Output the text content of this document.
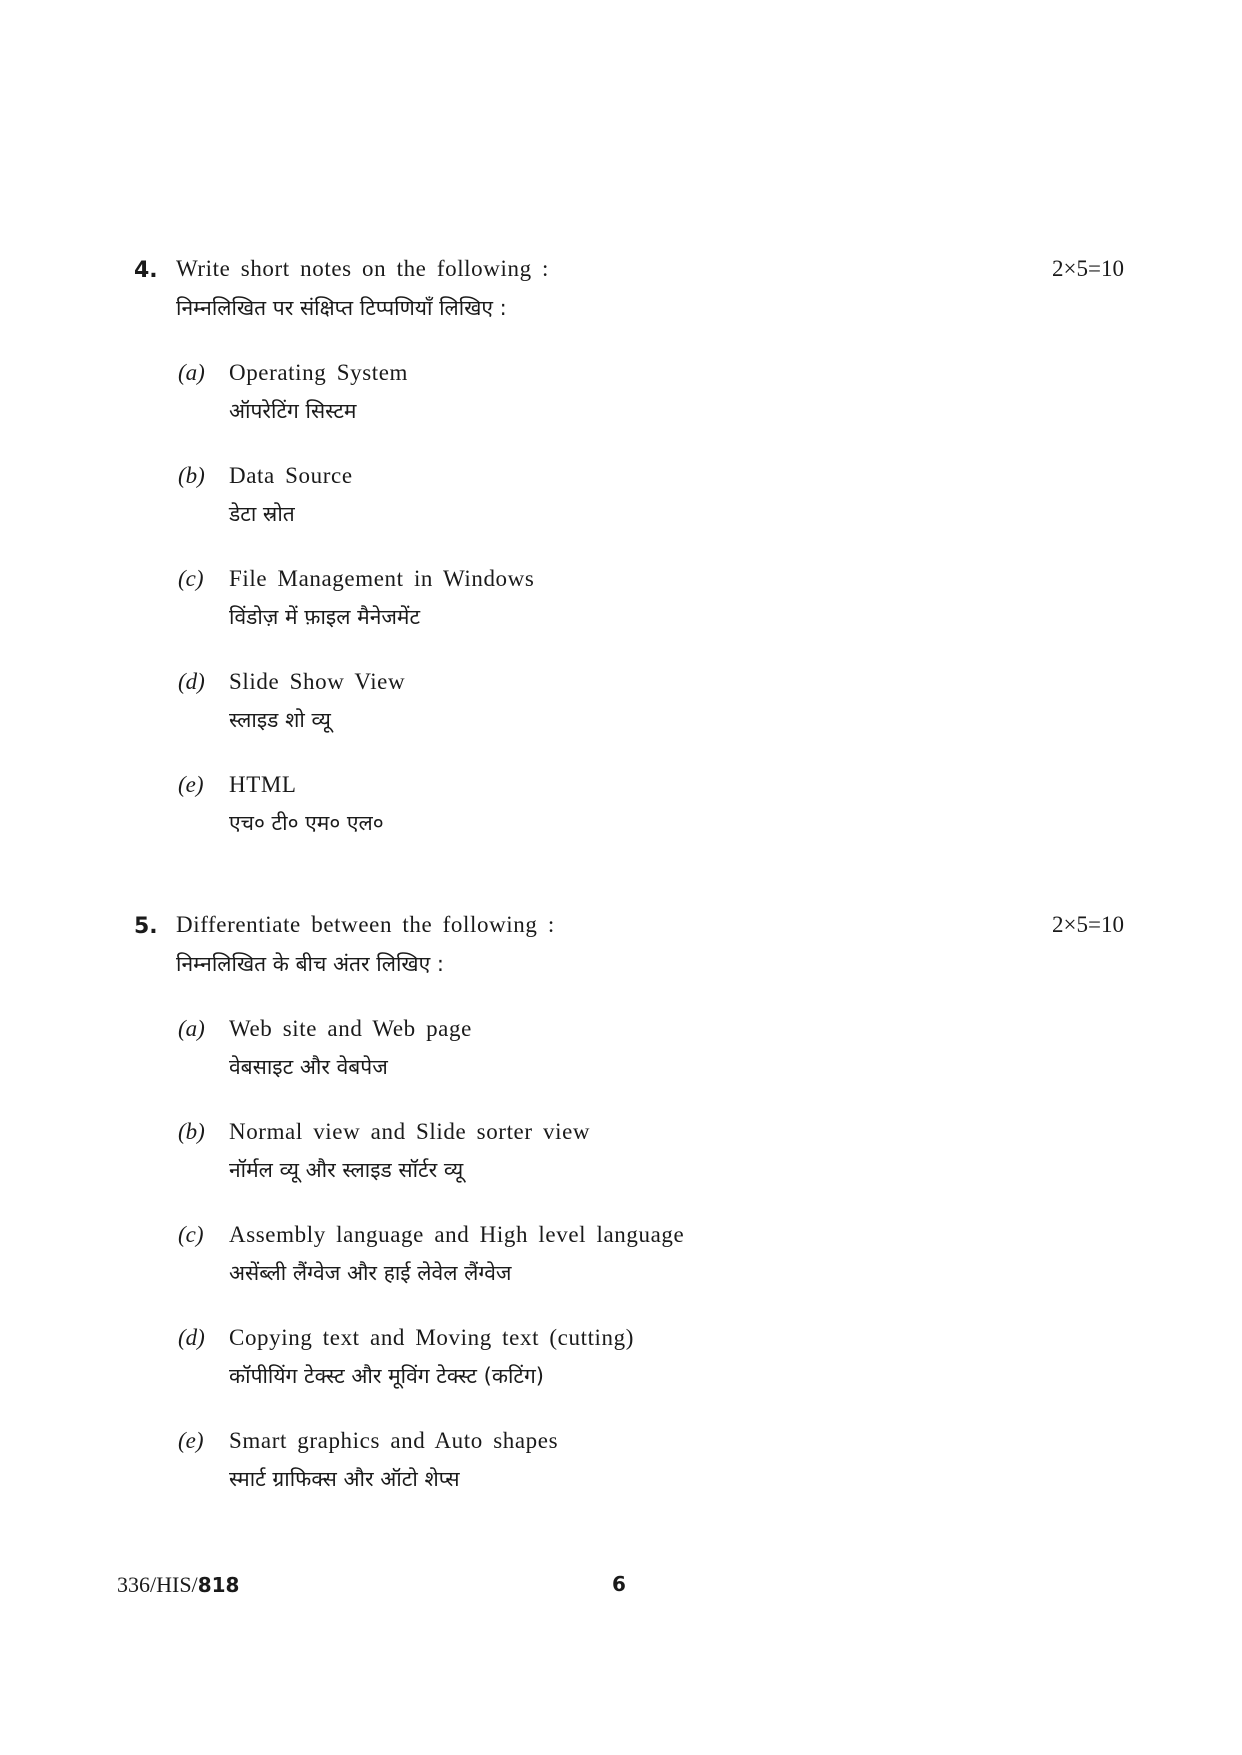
4. Write short notes on the following :	2×5=10
निम्नलिखित पर संक्षिप्त टिप्पणियाँ लिखिए :
(a) Operating System
ऑपरेटिंग सिस्टम
(b) Data Source
डेटा स्रोत
(c) File Management in Windows
विंडोज़ में फ़ाइल मैनेजमेंट
(d) Slide Show View
स्लाइड शो व्यू
(e) HTML
एच० टी० एम० एल०
5. Differentiate between the following :	2×5=10
निम्नलिखित के बीच अंतर लिखिए :
(a) Web site and Web page
वेबसाइट और वेबपेज
(b) Normal view and Slide sorter view
नॉर्मल व्यू और स्लाइड सॉर्टर व्यू
(c) Assembly language and High level language
असेंब्ली लैंग्वेज और हाई लेवेल लैंग्वेज
(d) Copying text and Moving text (cutting)
कॉपीयिंग टेक्स्ट और मूविंग टेक्स्ट (कटिंग)
(e) Smart graphics and Auto shapes
स्मार्ट ग्राफिक्स और ऑटो शेप्स
336/HIS/818	6
